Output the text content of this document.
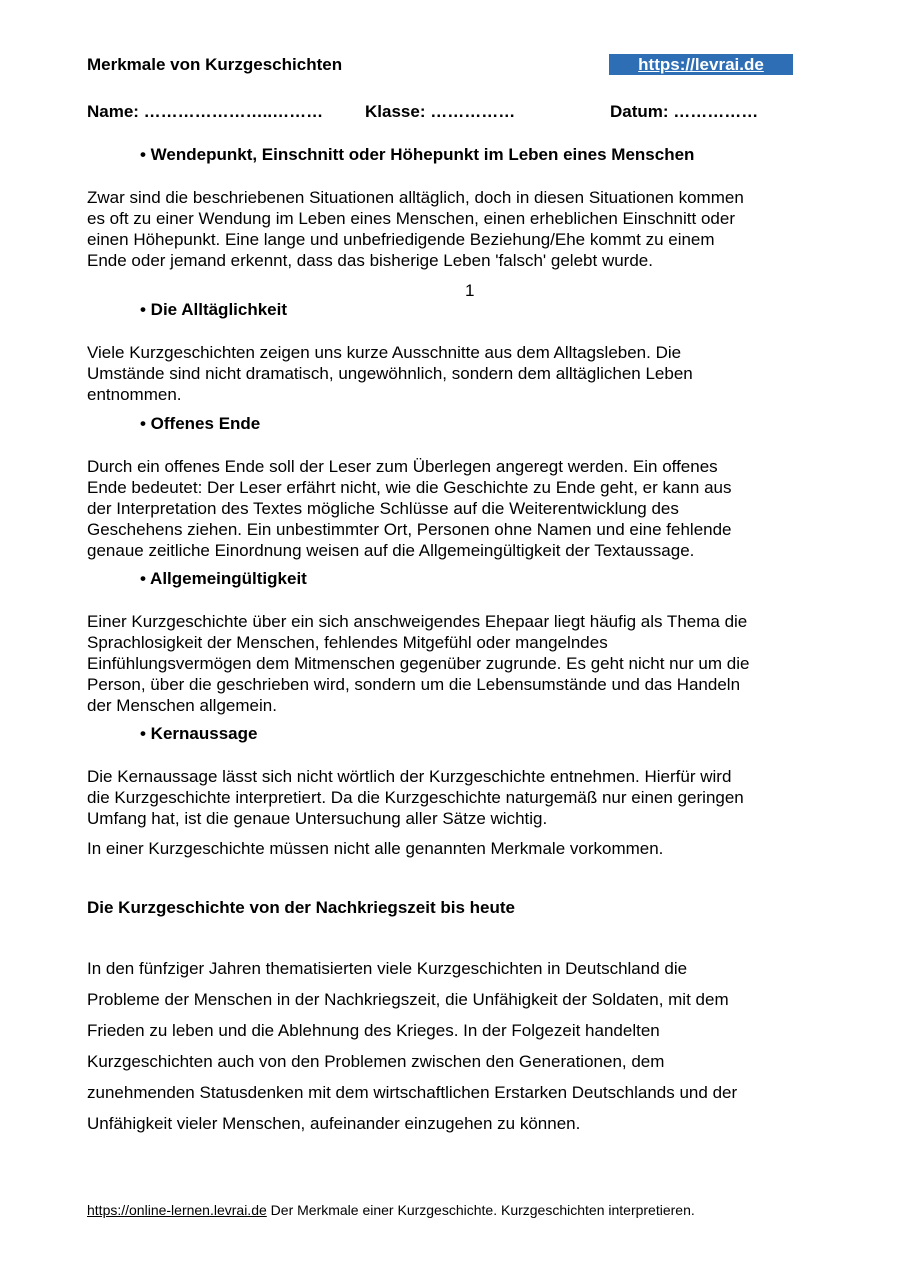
Merkmale von Kurzgeschichten	https://levrai.de
Name: …………………..……… Klasse: ……………	Datum: ……………
• Wendepunkt, Einschnitt oder Höhepunkt im Leben eines Menschen
Zwar sind die beschriebenen Situationen alltäglich, doch in diesen Situationen kommen
es oft zu einer Wendung im Leben eines Menschen, einen erheblichen Einschnitt oder
einen Höhepunkt. Eine lange und unbefriedigende Beziehung/Ehe kommt zu einem
Ende oder jemand erkennt, dass das bisherige Leben 'falsch' gelebt wurde.
1
• Die Alltäglichkeit
Viele Kurzgeschichten zeigen uns kurze Ausschnitte aus dem Alltagsleben. Die
Umstände sind nicht dramatisch, ungewöhnlich, sondern dem alltäglichen Leben
entnommen.
• Offenes Ende
Durch ein offenes Ende soll der Leser zum Überlegen angeregt werden. Ein offenes
Ende bedeutet: Der Leser erfährt nicht, wie die Geschichte zu Ende geht, er kann aus
der Interpretation des Textes mögliche Schlüsse auf die Weiterentwicklung des
Geschehens ziehen. Ein unbestimmter Ort, Personen ohne Namen und eine fehlende
genaue zeitliche Einordnung weisen auf die Allgemeingültigkeit der Textaussage.
• Allgemeingültigkeit
Einer Kurzgeschichte über ein sich anschweigendes Ehepaar liegt häufig als Thema die
Sprachlosigkeit der Menschen, fehlendes Mitgefühl oder mangelndes
Einfühlungsvermögen dem Mitmenschen gegenüber zugrunde. Es geht nicht nur um die
Person, über die geschrieben wird, sondern um die Lebensumstände und das Handeln
der Menschen allgemein.
• Kernaussage
Die Kernaussage lässt sich nicht wörtlich der Kurzgeschichte entnehmen. Hierfür wird
die Kurzgeschichte interpretiert. Da die Kurzgeschichte naturgemäß nur einen geringen
Umfang hat, ist die genaue Untersuchung aller Sätze wichtig.
In einer Kurzgeschichte müssen nicht alle genannten Merkmale vorkommen.
Die Kurzgeschichte von der Nachkriegszeit bis heute
In den fünfziger Jahren thematisierten viele Kurzgeschichten in Deutschland die
Probleme der Menschen in der Nachkriegszeit, die Unfähigkeit der Soldaten, mit dem
Frieden zu leben und die Ablehnung des Krieges. In der Folgezeit handelten
Kurzgeschichten auch von den Problemen zwischen den Generationen, dem
zunehmenden Statusdenken mit dem wirtschaftlichen Erstarken Deutschlands und der
Unfähigkeit vieler Menschen, aufeinander einzugehen zu können.
https://online-lernen.levrai.de Der Merkmale einer Kurzgeschichte. Kurzgeschichten interpretieren.
